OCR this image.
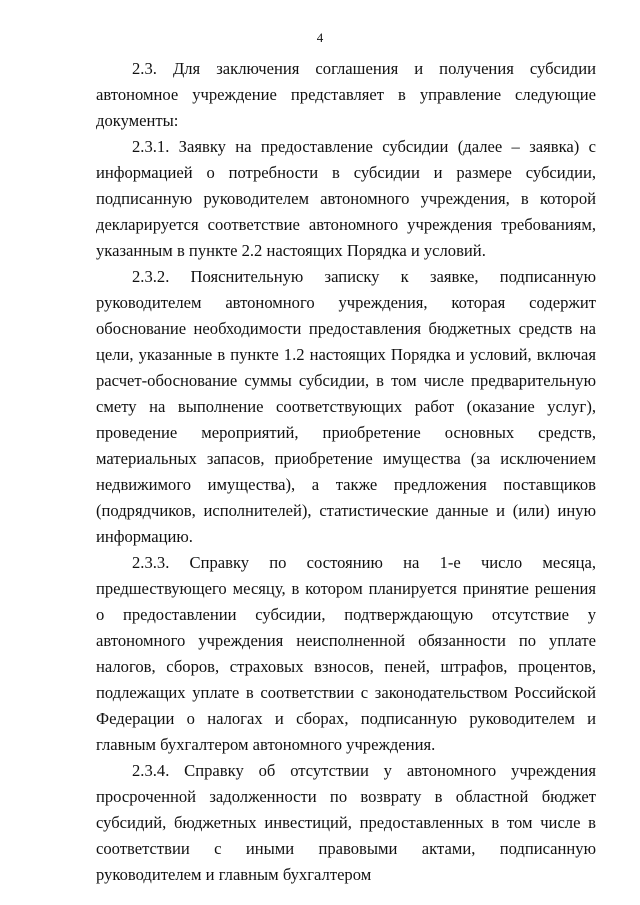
4

2.3. Для заключения соглашения и получения субсидии автономное учреждение представляет в управление следующие документы:

2.3.1. Заявку на предоставление субсидии (далее – заявка) с информацией о потребности в субсидии и размере субсидии, подписанную руководителем автономного учреждения, в которой декларируется соответствие автономного учреждения требованиям, указанным в пункте 2.2 настоящих Порядка и условий.

2.3.2. Пояснительную записку к заявке, подписанную руководителем автономного учреждения, которая содержит обоснование необходимости предоставления бюджетных средств на цели, указанные в пункте 1.2 настоящих Порядка и условий, включая расчет-обоснование суммы субсидии, в том числе предварительную смету на выполнение соответствующих работ (оказание услуг), проведение мероприятий, приобретение основных средств, материальных запасов, приобретение имущества (за исключением недвижимого имущества), а также предложения поставщиков (подрядчиков, исполнителей), статистические данные и (или) иную информацию.

2.3.3. Справку по состоянию на 1-е число месяца, предшествующего месяцу, в котором планируется принятие решения о предоставлении субсидии, подтверждающую отсутствие у автономного учреждения неисполненной обязанности по уплате налогов, сборов, страховых взносов, пеней, штрафов, процентов, подлежащих уплате в соответствии с законодательством Российской Федерации о налогах и сборах, подписанную руководителем и главным бухгалтером автономного учреждения.

2.3.4. Справку об отсутствии у автономного учреждения просроченной задолженности по возврату в областной бюджет субсидий, бюджетных инвестиций, предоставленных в том числе в соответствии с иными правовыми актами, подписанную руководителем и главным бухгалтером
